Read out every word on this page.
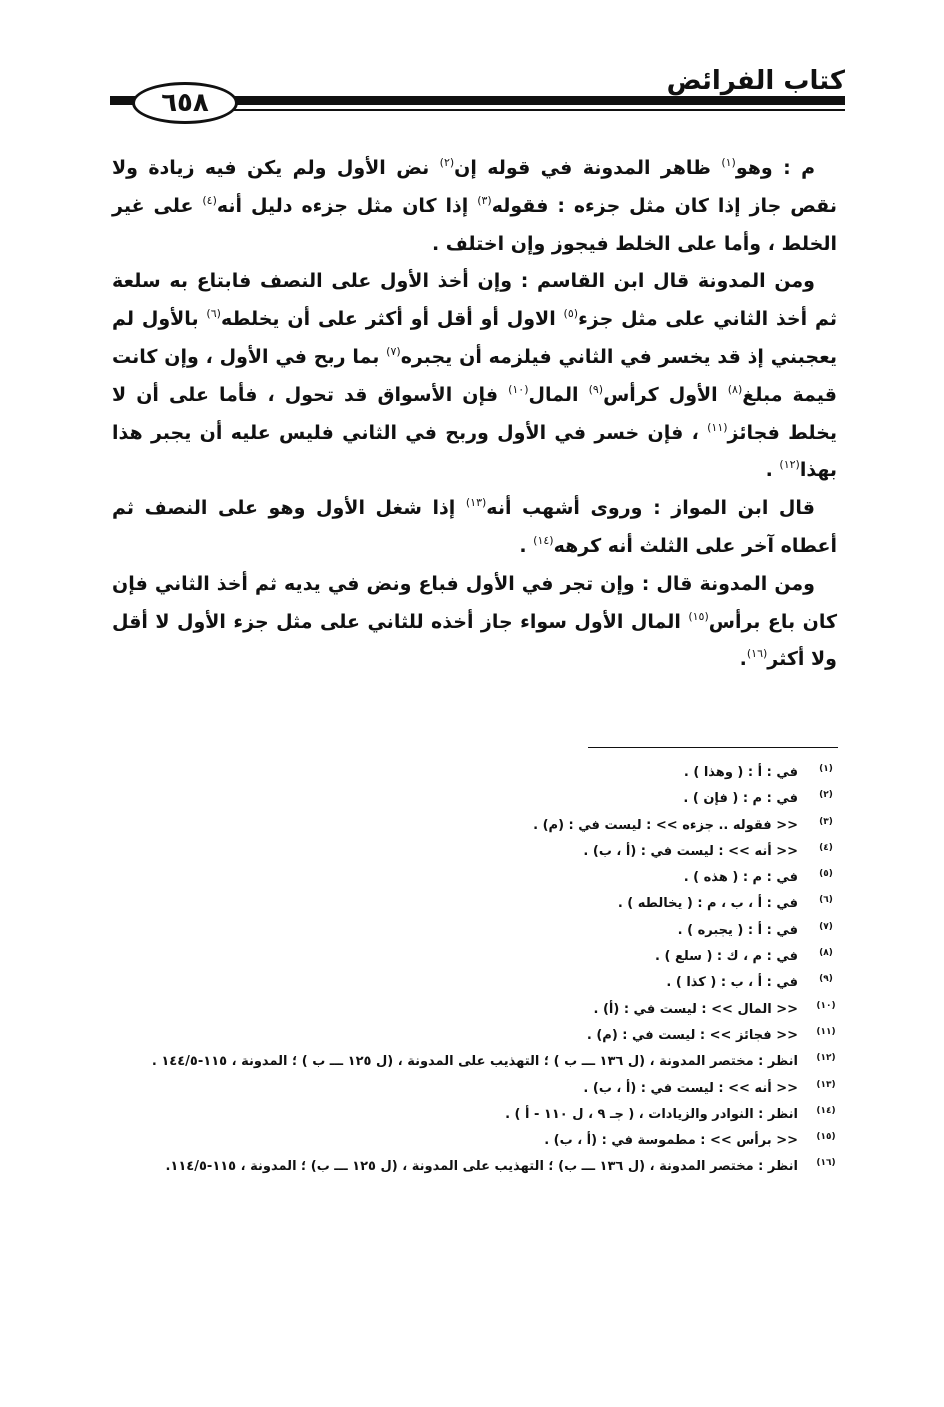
٦٥٨
كتاب الفرائض

م : وهو$^{(١)}$ ظاهر المدونة في قوله إن$^{(٢)}$ نض الأول ولم يكن فيه زيادة ولا نقص جاز إذا كان مثل جزءه : فقوله$^{(٣)}$ إذا كان مثل جزءه دليل أنه$^{(٤)}$ على غير الخلط ، وأما على الخلط فيجوز وإن اختلف .

ومن المدونة قال ابن القاسم : وإن أخذ الأول على النصف فابتاع به سلعة ثم أخذ الثاني على مثل جزء$^{(٥)}$ الاول أو أقل أو أكثر على أن يخلطه$^{(٦)}$ بالأول لم يعجبني إذ قد يخسر في الثاني فيلزمه أن يجبره$^{(٧)}$ بما ربح في الأول ، وإن كانت قيمة مبلغ$^{(٨)}$ الأول كرأس$^{(٩)}$ المال$^{(١٠)}$ فإن الأسواق قد تحول ، فأما على أن لا يخلط فجائز$^{(١١)}$ ، فإن خسر في الأول وربح في الثاني فليس عليه أن يجبر هذا بهذا$^{(١٢)}$ .

قال ابن المواز : وروى أشهب أنه$^{(١٣)}$ إذا شغل الأول وهو على النصف ثم أعطاه آخر على الثلث أنه كرهه$^{(١٤)}$ .

ومن المدونة قال : وإن تجر في الأول فباع ونض في يديه ثم أخذ الثاني فإن كان باع برأس$^{(١٥)}$ المال الأول سواء جاز أخذه للثاني على مثل جزء الأول لا أقل ولا أكثر$^{(١٦)}$.

(١)
في : أ : ( وهذا ) .
(٢)
في : م : ( فإن ) .
(٣)
<< فقوله .. جزءه >> : ليست في : (م) .
(٤)
<< أنه >> : ليست في : (أ ، ب) .
(٥)
في : م : ( هذه ) .
(٦)
في : أ ، ب ، م : ( يخالطه ) .
(٧)
في : أ : ( يجبره ) .
(٨)
في : م ، ك : ( سلع ) .
(٩)
في : أ ، ب : ( كذا ) .
(١٠)
<< المال >> : ليست في : (أ) .
(١١)
<< فجائز >> : ليست في : (م) .
(١٢)
انظر : مختصر المدونة ، (ل ١٣٦ ـــ ب ) ؛ التهذيب على المدونة ، (ل ١٢٥ ـــ ب ) ؛ المدونة ، ١١٥-١٤٤/٥ .
(١٣)
<< أنه >> : ليست في : (أ ، ب) .
(١٤)
انظر : النوادر والزيادات ، ( جـ ٩ ، ل ١١٠ - أ ) .
(١٥)
<< برأس >> : مطموسة في : (أ ، ب) .
(١٦)
انظر : مختصر المدونة ، (ل ١٣٦ ـــ ب) ؛ التهذيب على المدونة ، (ل ١٢٥ ـــ ب) ؛ المدونة ، ١١٥-١١٤/٥.
